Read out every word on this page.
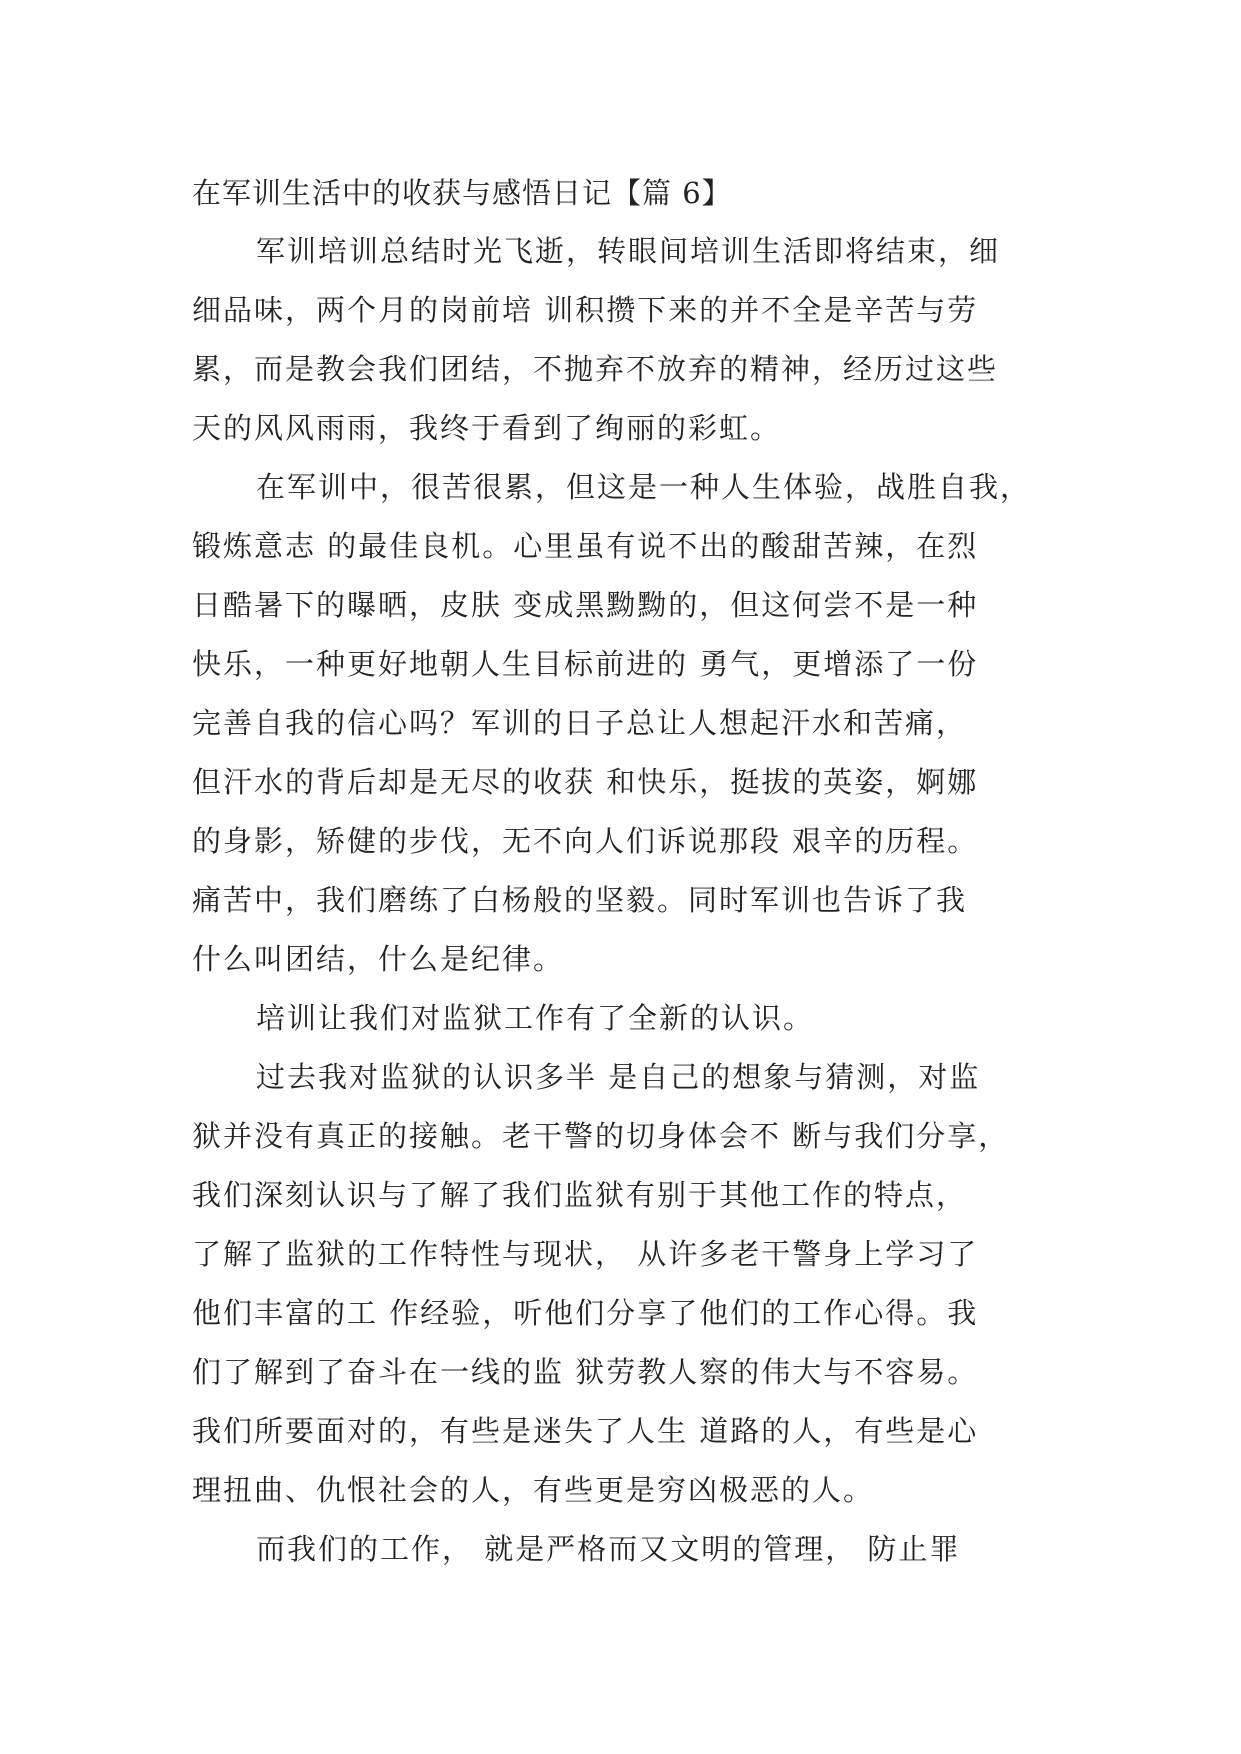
在军训生活中的收获与感悟日记【篇 6】
军训培训总结时光飞逝，转眼间培训生活即将结束，细
细品味，两个月的岗前培 训积攒下来的并不全是辛苦与劳
累，而是教会我们团结，不抛弃不放弃的精神，经历过这些
天的风风雨雨，我终于看到了绚丽的彩虹。
在军训中，很苦很累，但这是一种人生体验，战胜自我，
锻炼意志 的最佳良机。心里虽有说不出的酸甜苦辣，在烈
日酷暑下的曝晒，皮肤 变成黑黝黝的，但这何尝不是一种
快乐，一种更好地朝人生目标前进的 勇气，更增添了一份
完善自我的信心吗？军训的日子总让人想起汗水和苦痛，
但汗水的背后却是无尽的收获 和快乐，挺拔的英姿，婀娜
的身影，矫健的步伐，无不向人们诉说那段 艰辛的历程。
痛苦中，我们磨练了白杨般的坚毅。同时军训也告诉了我
什么叫团结，什么是纪律。
培训让我们对监狱工作有了全新的认识。
过去我对监狱的认识多半 是自己的想象与猜测，对监
狱并没有真正的接触。老干警的切身体会不 断与我们分享，
我们深刻认识与了解了我们监狱有别于其他工作的特点，
了解了监狱的工作特性与现状， 从许多老干警身上学习了
他们丰富的工 作经验，听他们分享了他们的工作心得。我
们了解到了奋斗在一线的监 狱劳教人察的伟大与不容易。
我们所要面对的，有些是迷失了人生 道路的人，有些是心
理扭曲、仇恨社会的人，有些更是穷凶极恶的人。
而我们的工作， 就是严格而又文明的管理， 防止罪
